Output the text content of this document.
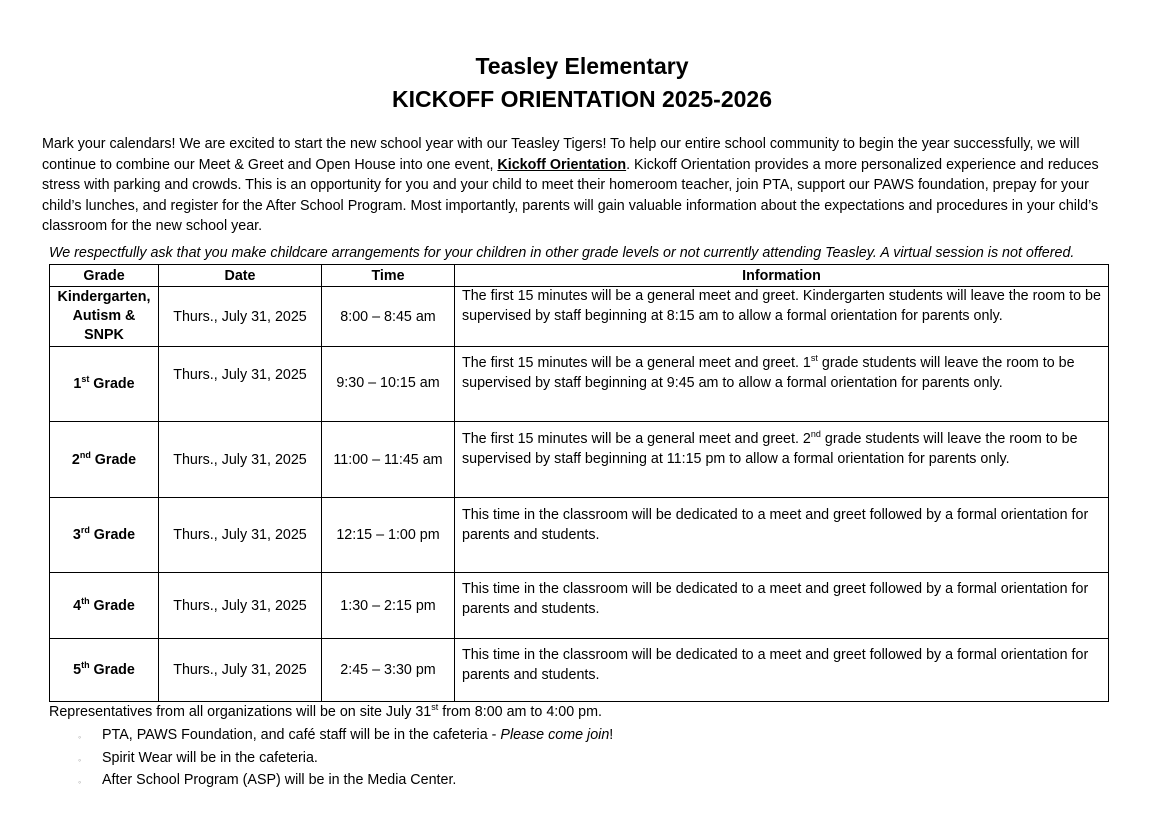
Teasley Elementary
KICKOFF ORIENTATION 2025-2026

Mark your calendars! We are excited to start the new school year with our Teasley Tigers! To help our entire school community to begin the year successfully, we will continue to combine our Meet & Greet and Open House into one event, Kickoff Orientation. Kickoff Orientation provides a more personalized experience and reduces stress with parking and crowds. This is an opportunity for you and your child to meet their homeroom teacher, join PTA, support our PAWS foundation, prepay for your child’s lunches, and register for the After School Program. Most importantly, parents will gain valuable information about the expectations and procedures in your child’s classroom for the new school year.

We respectfully ask that you make childcare arrangements for your children in other grade levels or not currently attending Teasley. A virtual session is not offered.
Grade	Date	Time	Information
Kindergarten, Autism & SNPK	Thurs., July 31, 2025	8:00 – 8:45 am	The first 15 minutes will be a general meet and greet. Kindergarten students will leave the room to be supervised by staff beginning at 8:15 am to allow a formal orientation for parents only.
1st Grade	Thurs., July 31, 2025	9:30 – 10:15 am	The first 15 minutes will be a general meet and greet. 1st grade students will leave the room to be supervised by staff beginning at 9:45 am to allow a formal orientation for parents only.
2nd Grade	Thurs., July 31, 2025	11:00 – 11:45 am	The first 15 minutes will be a general meet and greet. 2nd grade students will leave the room to be supervised by staff beginning at 11:15 pm to allow a formal orientation for parents only.
3rd Grade	Thurs., July 31, 2025	12:15 – 1:00 pm	This time in the classroom will be dedicated to a meet and greet followed by a formal orientation for parents and students.
4th Grade	Thurs., July 31, 2025	1:30 – 2:15 pm	This time in the classroom will be dedicated to a meet and greet followed by a formal orientation for parents and students.
5th Grade	Thurs., July 31, 2025	2:45 – 3:30 pm	This time in the classroom will be dedicated to a meet and greet followed by a formal orientation for parents and students.
Representatives from all organizations will be on site July 31st from 8:00 am to 4:00 pm.
◦ PTA, PAWS Foundation, and café staff will be in the cafeteria - Please come join!
◦ Spirit Wear will be in the cafeteria.
◦ After School Program (ASP) will be in the Media Center.
